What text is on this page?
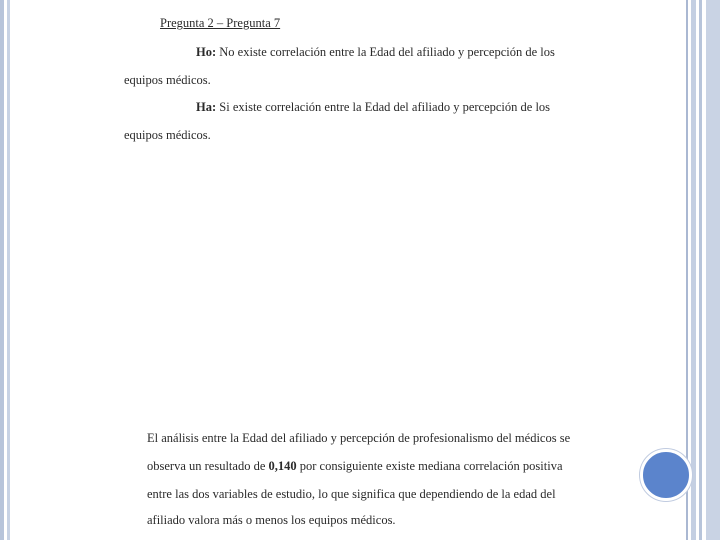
Pregunta 2 – Pregunta 7
Ho: No existe correlación entre la Edad del afiliado y percepción de los
equipos médicos.
Ha: Si existe correlación entre la Edad del afiliado y percepción de los
equipos médicos.
El análisis entre la Edad del afiliado y percepción de profesionalismo del médicos se
observa un resultado de 0,140 por consiguiente existe mediana correlación positiva
entre las dos variables de estudio, lo que significa que dependiendo de la edad del
afiliado valora más o menos los equipos médicos.
